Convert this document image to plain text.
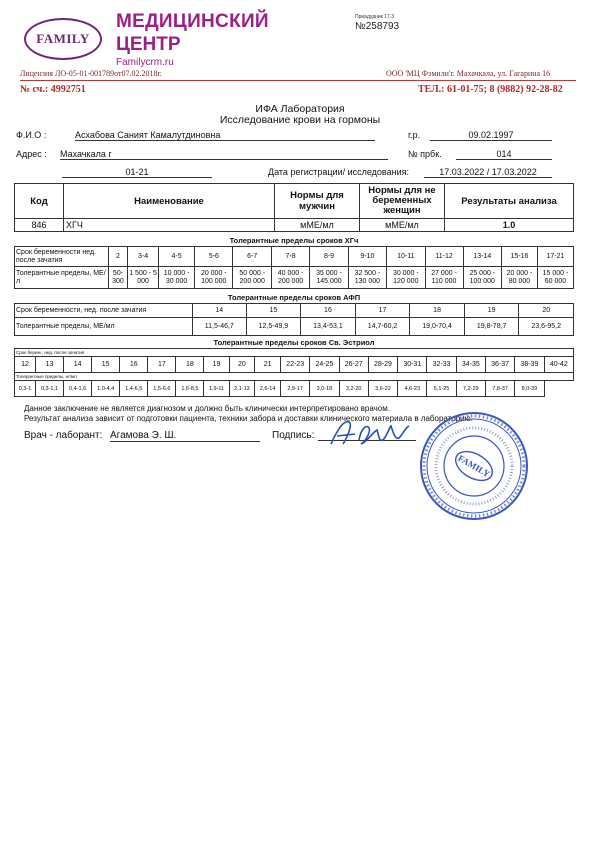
FAMILY
МЕДИЦИНСКИЙ
ЦЕНТР
Familycrm.ru
Приадудник 17.3
№258793
Лицензия ЛО-05-01-001789от07.02.2018г.	ООО 'МЦ Фэмили'г. Махачкала, ул. Гагарина 16
№ сч.: 4992751	ТЕЛ.: 61-01-75; 8 (9882) 92-28-82
ИФА Лаборатория
Исследование крови на гормоны
Ф.И.О :	Асхабова Саният Камалутдиновна	г.р.	09.02.1997
Адрес : Махачкала г	№ прбк.	014
01-21	Дата регистрации/ исследования:	17.03.2022 / 17.03.2022
Код	Наименование	Нормы для мужчин	Нормы для не беременных женщин	Результаты анализа
846	ХГЧ	мМЕ/мл	мМЕ/мл	1.0
Толерантные пределы сроков ХГч
Срок беременности нед. после зачатия	2	3-4	4-5	5-6	6-7	7-8	8-9	9-10	10-11	11-12	13-14	15-16	17-21
Толерантные пределы, МЕ/л	50-300	1 500 - 5 000	10 000 - 30 000	20 000 - 100 000	50 000 - 200 000	40 000 - 200 000	35 000 - 145 000	32 500 - 130 000	30 000 - 120 000	27 000 - 110 000	25 000 - 100 000	20 000 - 80 000	15 000 - 60 000
Толерантные пределы сроков АФП
Срок беременности, нед. после зачатия	14	15	16	17	18	19	20
Толерантные пределы, МЕ/мл	11,5-46,7	12,5-49,9	13,4-53,1	14,7-60,2	19,0-70,4	19,8-78,7	23,6-95,2
Толерантные пределы сроков Св. Эстриол
Срок берем., нед. после зачатия																			
12	13	14	15	16	17	18	19	20	21	22-23	24-25	26-27	28-29	30-31	32-33	34-35	36-37	38-39	40-42
Толерантные пределы, нг/мл																			
0,3-1	0,3-1,1	0,4-1,6	1,0-4,4	1,4-6,5	1,5-6,6	1,6-8,5	1,9-11	2,1-13	2,6-14	2,9-17	3,0-18	3,2-20	3,6-22	4,6-23	5,1-25	7,2-29	7,8-37	8,0-39	
Данное заключение не является диагнозом и должно быть клинически интерпретировано врачом.
Результат анализа зависит от подготовки пациента, техники забора и доставки клинического материала в лабораторию.
Врач - лаборант: Агамова Э. Ш.	Подпись:
FAMILY
